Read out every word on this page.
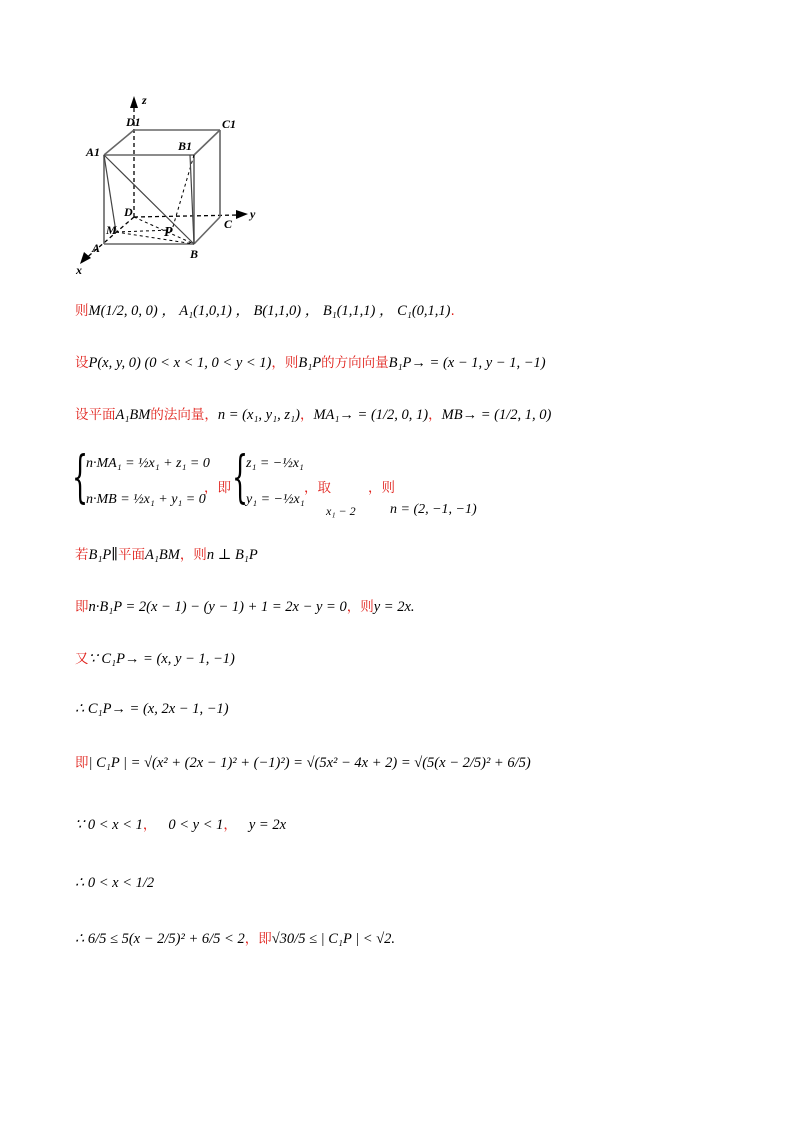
z
D1	C1
A1	B1
y
D
C
M	P
A	B
x
则 M(1/2, 0, 0) ， A₁(1,0,1) ， B(1,1,0) ， B₁(1,1,1) ， C₁(0,1,1) .
设 P(x, y, 0) (0 < x < 1, 0 < y < 1) ，则 B₁P 的方向向量 B₁P→ = (x − 1, y − 1, −1)
设平面 A₁BM 的法向量， n = (x₁, y₁, z₁) ， MA₁→ = (1/2, 0, 1) ， MB→ = (1/2, 1, 0)
{
n·MA₁ = ½x₁ + z₁ = 0
n·MB = ½x₁ + y₁ = 0
，即 {
z₁ = −½x₁
y₁ = −½x₁
，取
x₁ − 2
，则
n = (2, −1, −1)
若 B₁P ∥ 平面 A₁BM ，则 n ⊥ B₁P
即 n·B₁P = 2(x − 1) − (y − 1) + 1 = 2x − y = 0 ，则 y = 2x .
又 ∵ C₁P→ = (x, y − 1, −1)
∴ C₁P→ = (x, 2x − 1, −1)
即 | C₁P | = √(x² + (2x − 1)² + (−1)²) = √(5x² − 4x + 2) = √(5(x − 2/5)² + 6/5)
∵ 0 < x < 1 ， 0 < y < 1 ， y = 2x
∴ 0 < x < 1/2
∴ 6/5 ≤ 5(x − 2/5)² + 6/5 < 2 ，即 √30/5 ≤ | C₁P | < √2 .
